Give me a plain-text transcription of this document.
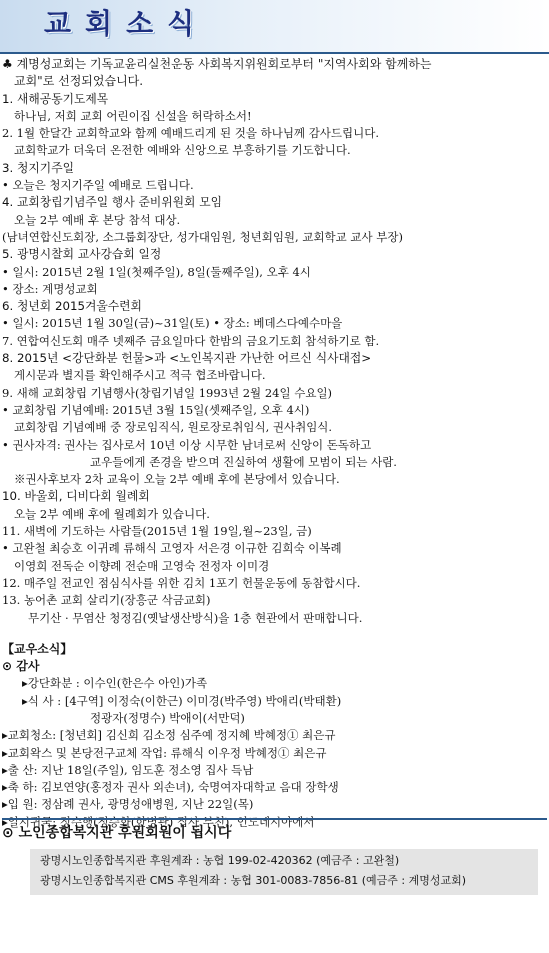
교회소식
♣ 계명성교회는 기독교윤리실천운동 사회복지위원회로부터 "지역사회와 함께하는
교회"로 선정되었습니다.
1. 새해공동기도제목
하나님, 저희 교회 어린이집 신설을 허락하소서!
2. 1월 한달간 교회학교와 함께 예배드리게 된 것을 하나님께 감사드립니다.
교회학교가 더욱더 온전한 예배와 신앙으로 부흥하기를 기도합니다.
3. 청지기주일
• 오늘은 청지기주일 예배로 드립니다.
4. 교회창립기념주일 행사 준비위원회 모임
오늘 2부 예배 후 본당 참석 대상.
(남녀연합신도회장, 소그룹회장단, 성가대임원, 청년회임원, 교회학교 교사 부장)
5. 광명시찰회 교사강습회 일정
• 일시: 2015년 2월 1일(첫째주일), 8일(둘째주일), 오후 4시
• 장소: 계명성교회
6. 청년회 2015겨울수련회
• 일시: 2015년 1월 30일(금)~31일(토) • 장소: 베데스다예수마을
7. 연합여신도회 매주 넷째주 금요일마다 한밤의 금요기도회 참석하기로 함.
8. 2015년 <강단화분 헌물>과 <노인복지관 가난한 어르신 식사대접>
게시문과 별지를 확인해주시고 적극 협조바랍니다.
9. 새해 교회창립 기념행사(창립기념일 1993년 2월 24일 수요일)
• 교회창립 기념예배: 2015년 3월 15일(셋째주일, 오후 4시)
교회창립 기념예배 중 장로임직식, 원로장로취임식, 권사취임식.
• 권사자격: 권사는 집사로서 10년 이상 시무한 남녀로써 신앙이 돈독하고
교우들에게 존경을 받으며 진실하여 생활에 모범이 되는 사람.
※권사후보자 2차 교육이 오늘 2부 예배 후에 본당에서 있습니다.
10. 바울회, 디비다회 월례회
오늘 2부 예배 후에 월례회가 있습니다.
11. 새벽에 기도하는 사람들(2015년 1월 19일,월~23일, 금)
• 고완철 최승호 이귀례 류해식 고영자 서은경 이규한 김희숙 이복례
이영희 전독순 이향례 전순매 고영숙 전정자 이미경
12. 매주일 전교인 점심식사를 위한 김치 1포기 헌물운동에 동참합시다.
13. 농어촌 교회 살리기(장흥군 삭금교회)
무기산 · 무염산 청정김(옛날생산방식)을 1층 현관에서 판매합니다.
【교우소식】
⊙ 감사
▸강단화분 : 이수인(한은수 아인)가족
▸식 사 : [4구역] 이정숙(이한근) 이미경(박주영) 박애리(박태환)
정광자(정명수) 박애이(서만덕)
▸교회청소: [청년회] 김신희 김소정 심주예 정지혜 박혜정① 최은규
▸교회왁스 및 본당전구교체 작업: 류해식 이우정 박혜정① 최은규
▸출 산: 지난 18일(주일), 임도훈 정소영 집사 득남
▸축 하: 김보연양(홍정자 권사 외손녀), 숙명여자대학교 음대 장학생
▸입 원: 정삼례 권사, 광명성애병원, 지난 22일(목)
▸일시귀국: 정수행(정승화(한병관) 집사 부친), 인도네시아에서
⊙ 노인종합복지관 후원회원이 됩시다
광명시노인종합복지관 후원계좌 : 농협 199-02-420362 (예금주 : 고완철)
광명시노인종합복지관 CMS 후원계좌 : 농협 301-0083-7856-81 (예금주 : 계명성교회)
